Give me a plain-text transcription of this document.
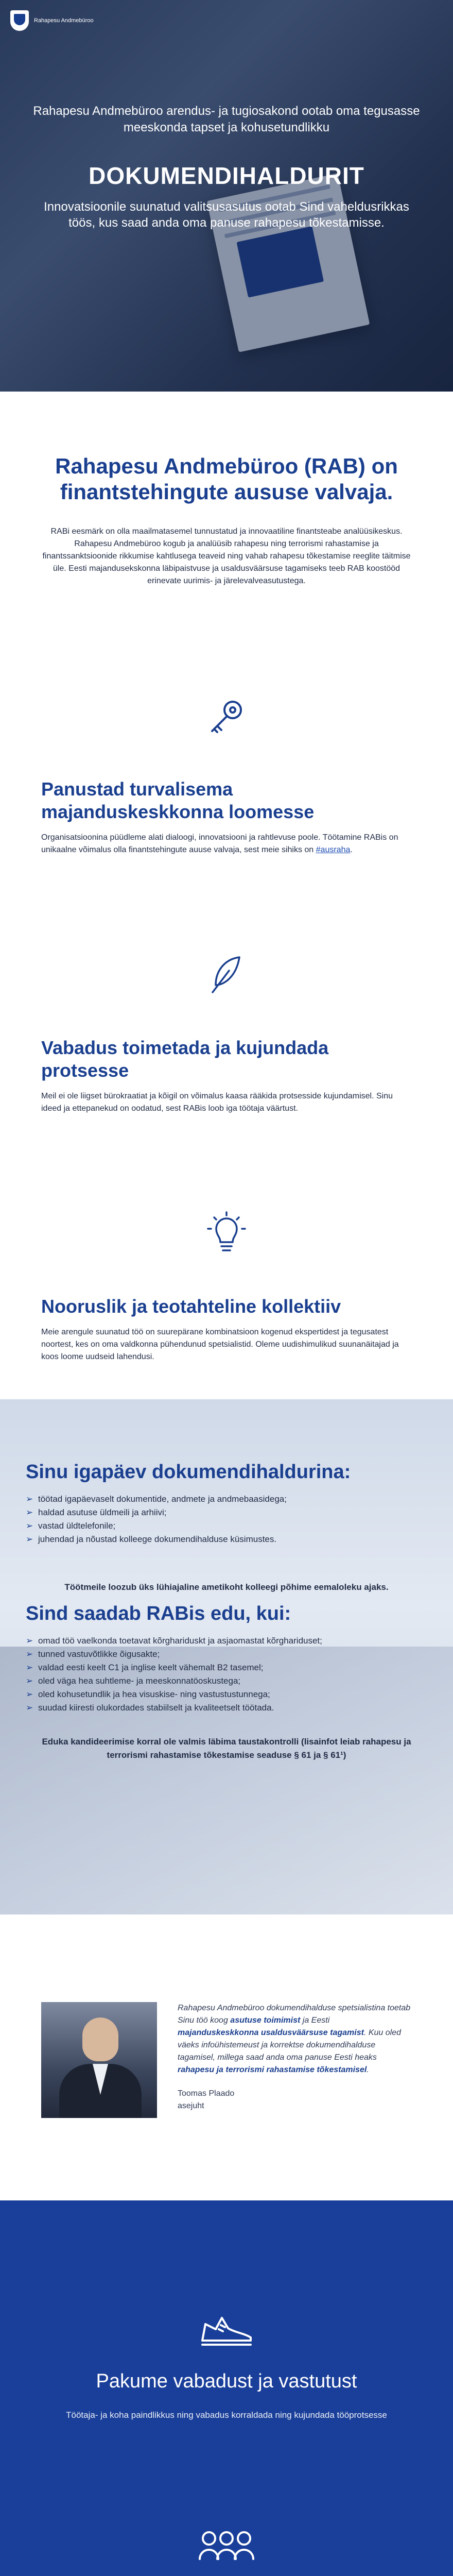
Rahapesu Andmebüroo

Rahapesu Andmebüroo arendus- ja tugiosakond ootab oma tegusasse meeskonda tapset ja kohusetundlikku

DOKUMENDIHALDURIT

Innovatsioonile suunatud valitsusasutus ootab Sind vaheldusrikkas töös, kus saad anda oma panuse rahapesu tõkestamisse.

Rahapesu Andmebüroo (RAB) on finantstehingute aususe valvaja.

RABi eesmärk on olla maailmatasemel tunnustatud ja innovaatiline finantsteabe analüüsikeskus. Rahapesu Andmebüroo kogub ja analüüsib rahapesu ning terrorismi rahastamise ja finantssanktsioonide rikkumise kahtlusega teaveid ning vahab rahapesu tõkestamise reeglite täitmise üle. Eesti majandusekskonna läbipaistvuse ja usaldusväärsuse tagamiseks teeb RAB koostööd erinevate uurimis- ja järelevalveasutustega.

Panustad turvalisema majanduskeskkonna loomesse

Organisatsioonina püüdleme alati dialoogi, innovatsiooni ja rahtlevuse poole. Töötamine RABis on unikaalne võimalus olla finantstehingute auuse valvaja, sest meie sihiks on #ausraha.

Vabadus toimetada ja kujundada protsesse

Meil ei ole liigset bürokraatiat ja kõigil on võimalus kaasa rääkida protsesside kujundamisel. Sinu ideed ja ettepanekud on oodatud, sest RABis loob iga töötaja väärtust.

Nooruslik ja teotahteline kollektiiv

Meie arengule suunatud töö on suurepärane kombinatsioon kogenud ekspertidest ja tegusatest noortest, kes on oma valdkonna pühendunud spetsialistid. Oleme uudishimulikud suunanäitajad ja koos loome uudseid lahendusi.

Sinu igapäev dokumendihaldurina:
➢ töötad igapäevaselt dokumentide, andmete ja andmebaasidega;
➢ haldad asutuse üldmeili ja arhiivi;
➢ vastad üldtelefonile;
➢ juhendad ja nõustad kolleege dokumendihalduse küsimustes.

Töötmeile loozub üks lühiajaline ametikoht kolleegi põhime eemaloleku ajaks.

Sind saadab RABis edu, kui:
➢ omad töö vaelkonda toetavat kõrghariduskt ja asjaomastat kõrghariduset;
➢ tunned vastuvõtlikke õigusakte;
➢ valdad eesti keelt C1 ja inglise keelt vähemalt B2 tasemel;
➢ oled väga hea suhtleme- ja meeskonnatöoskustega;
➢ oled kohusetundlik ja hea visuskise- ning vastustustunnega;
➢ suudad kiiresti olukordades stabiilselt ja kvaliteetselt töötada.

Edukа kandideerimise korral ole valmis läbima taustakontrolli (lisainfot leiab rahapesu ja terrorismi rahastamise tõkestamise seaduse § 61 ja § 61¹)

Rahapesu Andmebüroo dokumendihalduse spetsialistina toetab Sinu töö koog asutuse toimimist ja Eesti majanduskeskkonna usaldusväärsuse tagamist. Kuu oled väeks infoühistemeust ja korrektse dokumendihalduse tagamisel, millega saad anda oma panuse Eesti heaks rahapesu ja terrorismi rahastamise tõkestamisel.

Toomas Plaado
asejuht

Pakume vabadust ja vastutust

Töötaja- ja koha paindlikkus ning vabadus korraldada ning kujundada tööprotsesse
